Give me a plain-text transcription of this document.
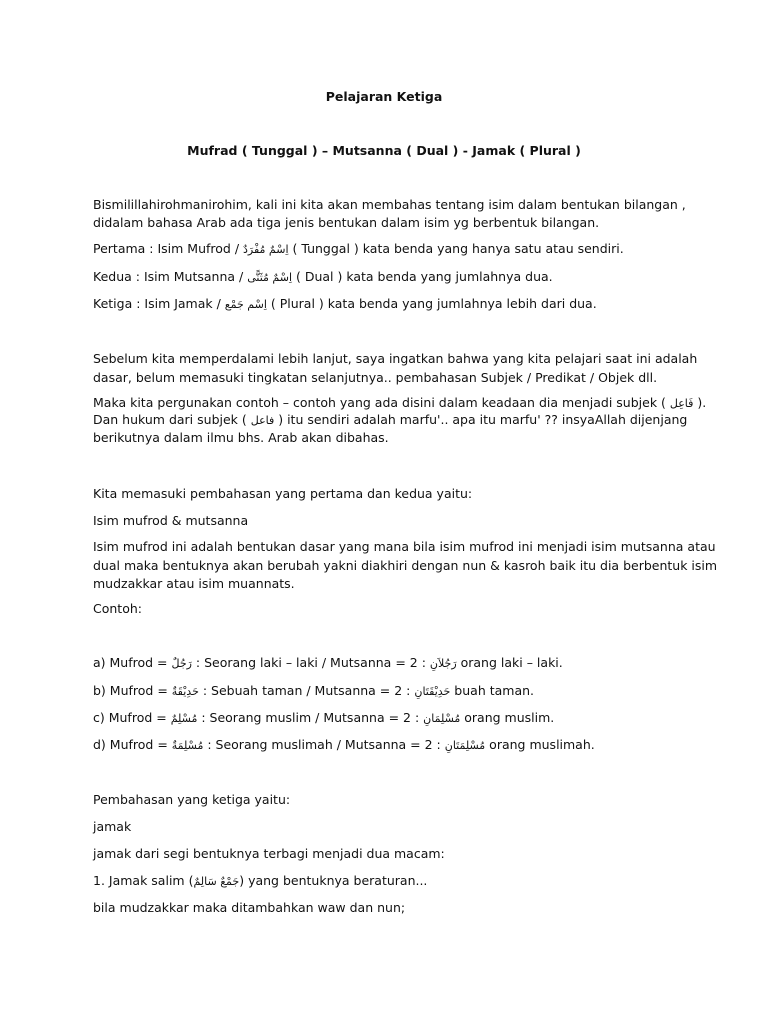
Pelajaran Ketiga
Mufrad ( Tunggal ) – Mutsanna ( Dual ) - Jamak ( Plural )
Bismilillahirohmanirohim, kali ini kita akan membahas tentang isim dalam bentukan bilangan ,
didalam bahasa Arab ada tiga jenis bentukan dalam isim yg berbentuk bilangan.
Pertama : Isim Mufrod / اِسْمٌ مُفْرَدٌ ( Tunggal ) kata benda yang hanya satu atau sendiri.
Kedua : Isim Mutsanna / اِسْمٌ مُثَنًّى ( Dual ) kata benda yang jumlahnya dua.
Ketiga : Isim Jamak / اِسْم جَمْع ( Plural ) kata benda yang jumlahnya lebih dari dua.
Sebelum kita memperdalami lebih lanjut, saya ingatkan bahwa yang kita pelajari saat ini adalah
dasar, belum memasuki tingkatan selanjutnya.. pembahasan Subjek / Predikat / Objek dll.
Maka kita pergunakan contoh – contoh yang ada disini dalam keadaan dia menjadi subjek ( فَاعِل ).
Dan hukum dari subjek ( فاعل ) itu sendiri adalah marfu'.. apa itu marfu' ?? insyaAllah dijenjang
berikutnya dalam ilmu bhs. Arab akan dibahas.
Kita memasuki pembahasan yang pertama dan kedua yaitu:
Isim mufrod & mutsanna
Isim mufrod ini adalah bentukan dasar yang mana bila isim mufrod ini menjadi isim mutsanna atau
dual maka bentuknya akan berubah yakni diakhiri dengan nun & kasroh baik itu dia berbentuk isim
mudzakkar atau isim muannats.
Contoh:
a) Mufrod = رَجُلٌ : Seorang laki – laki / Mutsanna = 2 : رَجُلاَنِ orang laki – laki.
b) Mufrod = حَدِيْقَةٌ : Sebuah taman / Mutsanna = 2 : حَدِيْقَتَانِ buah taman.
c) Mufrod = مُسْلِمٌ : Seorang muslim / Mutsanna = 2 : مُسْلِمَانِ orang muslim.
d) Mufrod = مُسْلِمَةٌ : Seorang muslimah / Mutsanna = 2 : مُسْلِمَتَانِ orang muslimah.
Pembahasan yang ketiga yaitu:
jamak
jamak dari segi bentuknya terbagi menjadi dua macam:
1. Jamak salim (جَمْعٌ سَالِمٌ) yang bentuknya beraturan...
bila mudzakkar maka ditambahkan waw dan nun;
